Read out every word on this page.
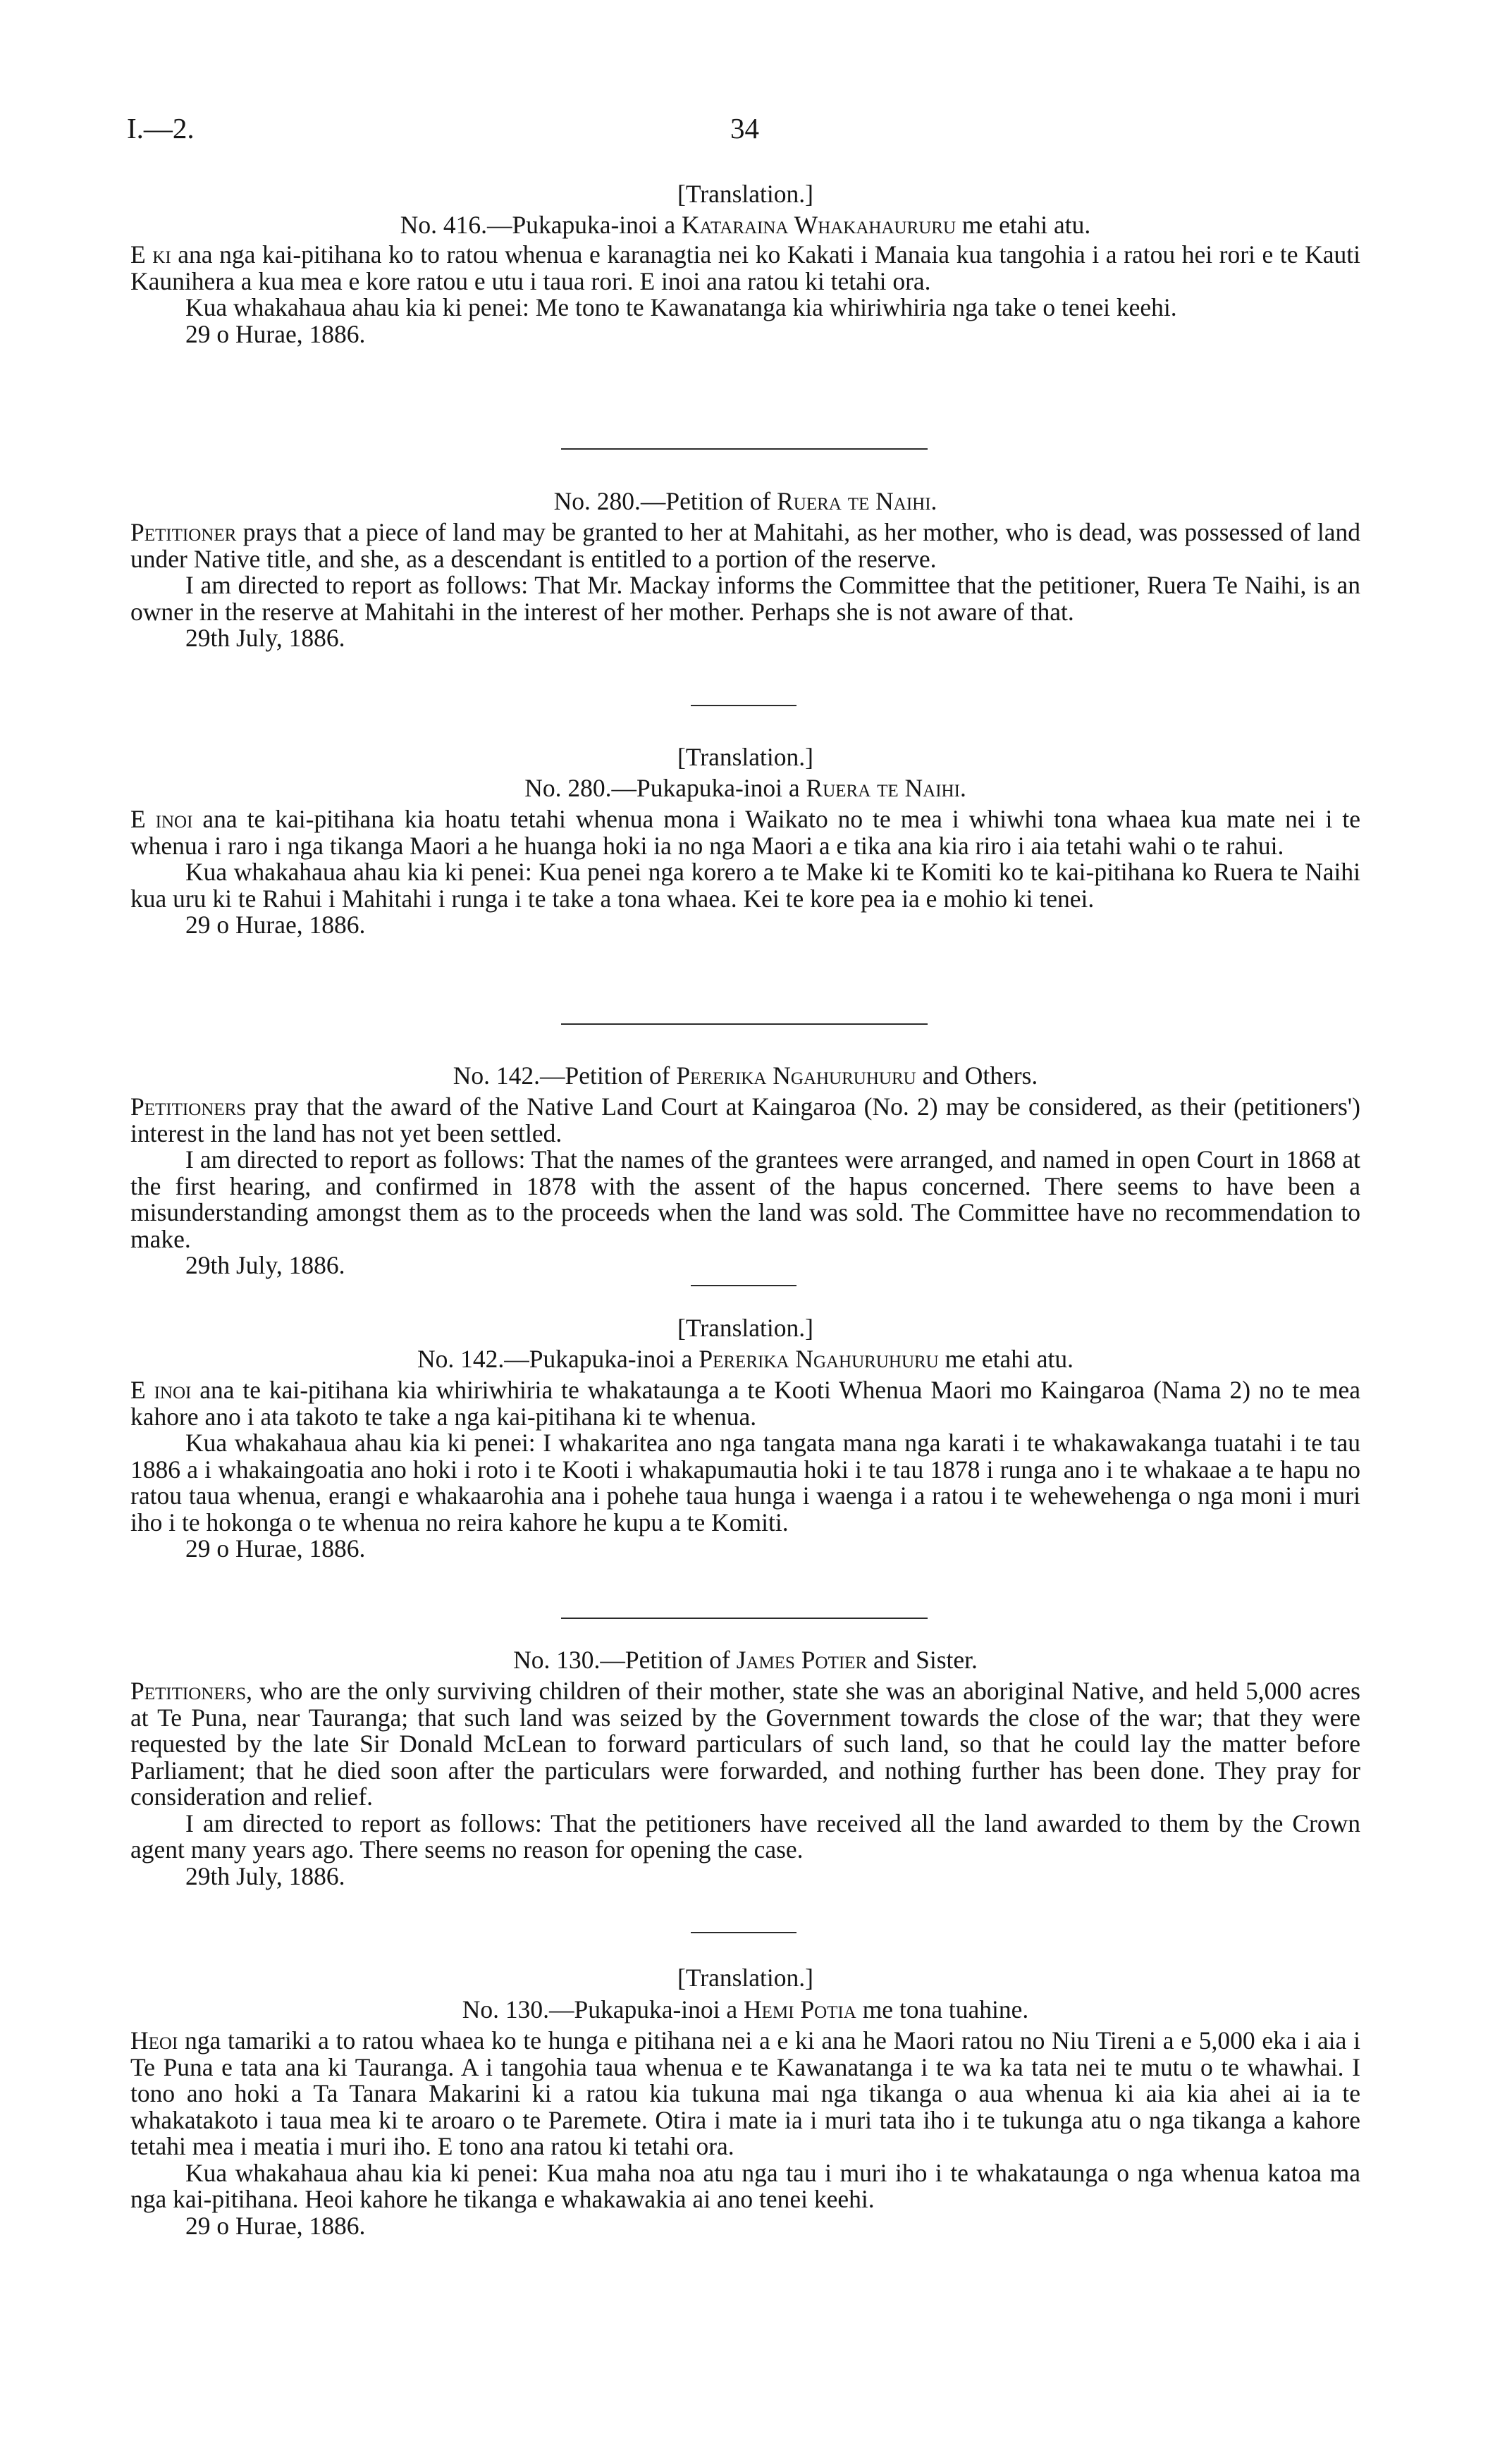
I.—2.	34
[Translation.]
No. 416.—Pukapuka-inoi a Kataraina Whakahaururu me etahi atu.

E ki ana nga kai-pitihana ko to ratou whenua e karanagtia nei ko Kakati i Manaia kua tangohia i a ratou hei rori e te Kauti Kaunihera a kua mea e kore ratou e utu i taua rori. E inoi ana ratou ki tetahi ora.

Kua whakahaua ahau kia ki penei: Me tono te Kawanatanga kia whiriwhiria nga take o tenei keehi.

29 o Hurae, 1886.

No. 280.—Petition of Ruera te Naihi.

Petitioner prays that a piece of land may be granted to her at Mahitahi, as her mother, who is dead, was possessed of land under Native title, and she, as a descendant is entitled to a portion of the reserve.

I am directed to report as follows: That Mr. Mackay informs the Committee that the petitioner, Ruera Te Naihi, is an owner in the reserve at Mahitahi in the interest of her mother. Perhaps she is not aware of that.

29th July, 1886.

[Translation.]
No. 280.—Pukapuka-inoi a Ruera te Naihi.

E inoi ana te kai-pitihana kia hoatu tetahi whenua mona i Waikato no te mea i whiwhi tona whaea kua mate nei i te whenua i raro i nga tikanga Maori a he huanga hoki ia no nga Maori a e tika ana kia riro i aia tetahi wahi o te rahui.

Kua whakahaua ahau kia ki penei: Kua penei nga korero a te Make ki te Komiti ko te kai-pitihana ko Ruera te Naihi kua uru ki te Rahui i Mahitahi i runga i te take a tona whaea. Kei te kore pea ia e mohio ki tenei.

29 o Hurae, 1886.

No. 142.—Petition of Pererika Ngahuruhuru and Others.

Petitioners pray that the award of the Native Land Court at Kaingaroa (No. 2) may be considered, as their (petitioners') interest in the land has not yet been settled.

I am directed to report as follows: That the names of the grantees were arranged, and named in open Court in 1868 at the first hearing, and confirmed in 1878 with the assent of the hapus concerned. There seems to have been a misunderstanding amongst them as to the proceeds when the land was sold. The Committee have no recommendation to make.

29th July, 1886.

[Translation.]
No. 142.—Pukapuka-inoi a Pererika Ngahuruhuru me etahi atu.

E inoi ana te kai-pitihana kia whiriwhiria te whakataunga a te Kooti Whenua Maori mo Kaingaroa (Nama 2) no te mea kahore ano i ata takoto te take a nga kai-pitihana ki te whenua.

Kua whakahaua ahau kia ki penei: I whakaritea ano nga tangata mana nga karati i te whakawakanga tuatahi i te tau 1886 a i whakaingoatia ano hoki i roto i te Kooti i whakapumautia hoki i te tau 1878 i runga ano i te whakaae a te hapu no ratou taua whenua, erangi e whakaarohia ana i pohehe taua hunga i waenga i a ratou i te wehewehenga o nga moni i muri iho i te hokonga o te whenua no reira kahore he kupu a te Komiti.

29 o Hurae, 1886.

No. 130.—Petition of James Potier and Sister.

Petitioners, who are the only surviving children of their mother, state she was an aboriginal Native, and held 5,000 acres at Te Puna, near Tauranga; that such land was seized by the Government towards the close of the war; that they were requested by the late Sir Donald McLean to forward particulars of such land, so that he could lay the matter before Parliament; that he died soon after the particulars were forwarded, and nothing further has been done. They pray for consideration and relief.

I am directed to report as follows: That the petitioners have received all the land awarded to them by the Crown agent many years ago. There seems no reason for opening the case.

29th July, 1886.

[Translation.]
No. 130.—Pukapuka-inoi a Hemi Potia me tona tuahine.

Heoi nga tamariki a to ratou whaea ko te hunga e pitihana nei a e ki ana he Maori ratou no Niu Tireni a e 5,000 eka i aia i Te Puna e tata ana ki Tauranga. A i tangohia taua whenua e te Kawanatanga i te wa ka tata nei te mutu o te whawhai. I tono ano hoki a Ta Tanara Makarini ki a ratou kia tukuna mai nga tikanga o aua whenua ki aia kia ahei ai ia te whakatakoto i taua mea ki te aroaro o te Paremete. Otira i mate ia i muri tata iho i te tukunga atu o nga tikanga a kahore tetahi mea i meatia i muri iho. E tono ana ratou ki tetahi ora.

Kua whakahaua ahau kia ki penei: Kua maha noa atu nga tau i muri iho i te whakataunga o nga whenua katoa ma nga kai-pitihana. Heoi kahore he tikanga e whakawakia ai ano tenei keehi.

29 o Hurae, 1886.
